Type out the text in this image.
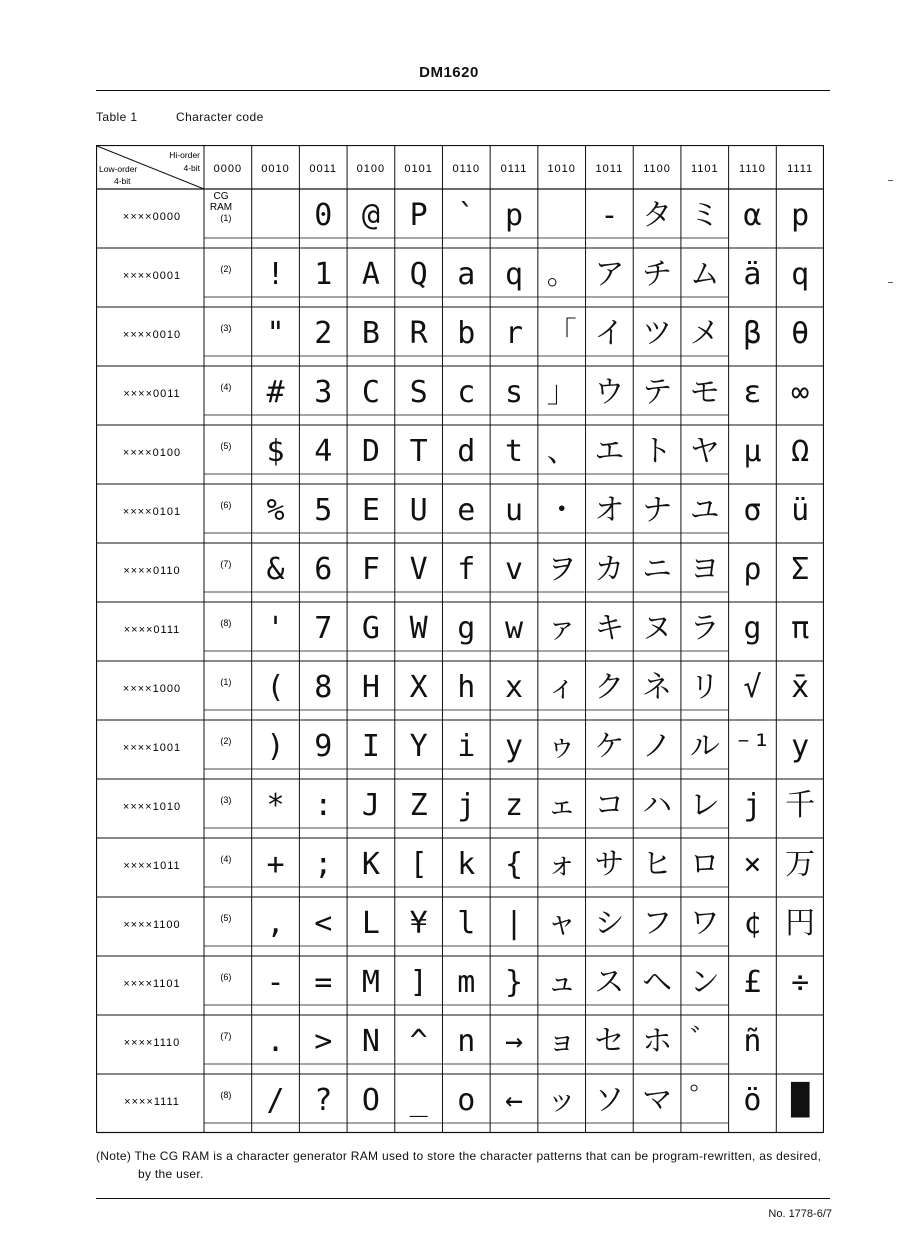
DM1620
Table 1	Character code
Hi-order
4-bit
Low-order
4-bit
0000 0010 0011 0100 0101 0110 0111 1010 1011 1100 1101 1110 1111
××××0000
××××0001
××××0010
××××0011
××××0100
××××0101
××××0110
××××0111
××××1000
××××1001
××××1010
××××1011
××××1100
××××1101
××××1110
××××1111
CG
RAM
(1)
(2)
(3)
(4)
(5)
(6)
(7)
(8)
(1)
(2)
(3)
(4)
(5)
(6)
(7)
(8)
0 @ P ` p	- タ ミ α p
! 1 A Q a q 。 ア チ ム ä q
" 2 B R b r 「 イ ツ メ β θ
# 3 C S c s 」 ウ テ モ ε ∞
$ 4 D T d t 、 エ ト ヤ μ Ω
% 5 E U e u ・ オ ナ ユ σ ü
& 6 F V f v ヲ カ ニ ヨ ρ Σ
' 7 G W g w ァ キ ヌ ラ g π
( 8 H X h x ィ ク ネ リ √ x̄
) 9 I Y i y ゥ ケ ノ ル ⁻¹ y
* : J Z j z ェ コ ハ レ j 千
+ ; K [ k { ォ サ ヒ ロ × 万
, < L ¥ l | ャ シ フ ワ ¢ 円
- = M ] m } ュ ス ヘ ン £ ÷
. > N ^ n → ョ セ ホ ゛ ñ
/ ? O _ o ← ッ ソ マ ゜ ö █
(Note) The CG RAM is a character generator RAM used to store the character patterns that can be program-rewritten, as desired, by the user.
No. 1778-6/7
